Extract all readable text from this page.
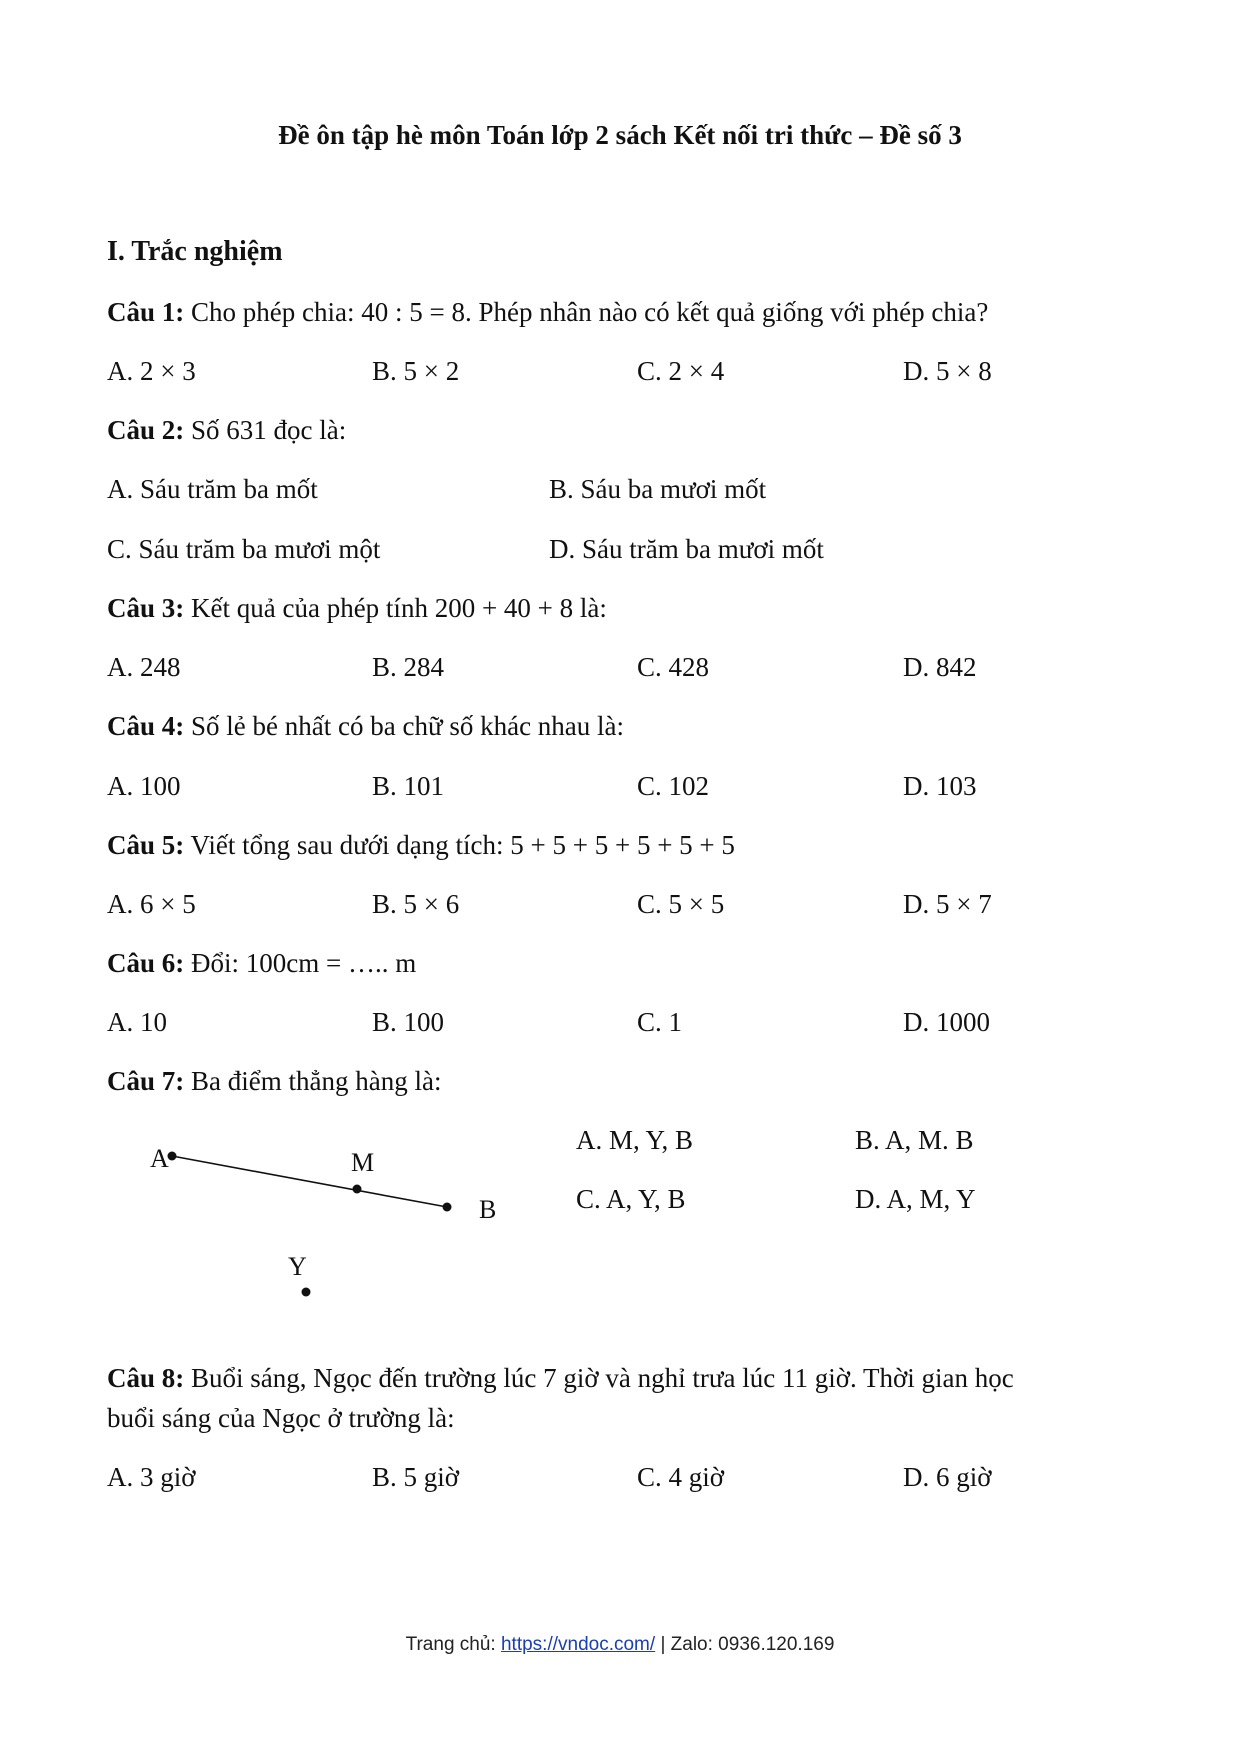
Đề ôn tập hè môn Toán lớp 2 sách Kết nối tri thức – Đề số 3
I. Trắc nghiệm
Câu 1: Cho phép chia: 40 : 5 = 8. Phép nhân nào có kết quả giống với phép chia?
A. 2 × 3	B. 5 × 2	C. 2 × 4	D. 5 × 8
Câu 2: Số 631 đọc là:
A. Sáu trăm ba mốt	B. Sáu ba mươi mốt
C. Sáu trăm ba mươi một	D. Sáu trăm ba mươi mốt
Câu 3: Kết quả của phép tính 200 + 40 + 8 là:
A. 248	B. 284	C. 428	D. 842
Câu 4: Số lẻ bé nhất có ba chữ số khác nhau là:
A. 100	B. 101	C. 102	D. 103
Câu 5: Viết tổng sau dưới dạng tích: 5 + 5 + 5 + 5 + 5 + 5
A. 6 × 5	B. 5 × 6	C. 5 × 5	D. 5 × 7
Câu 6: Đổi: 100cm = ….. m
A. 10	B. 100	C. 1	D. 1000
Câu 7: Ba điểm thẳng hàng là:
A. M, Y, B	B. A, M. B
C. A, Y, B	D. A, M, Y
A	M
B
Y
Câu 8: Buổi sáng, Ngọc đến trường lúc 7 giờ và nghỉ trưa lúc 11 giờ. Thời gian học
buổi sáng của Ngọc ở trường là:
A. 3 giờ	B. 5 giờ	C. 4 giờ	D. 6 giờ
Trang chủ: https://vndoc.com/ | Zalo: 0936.120.169
